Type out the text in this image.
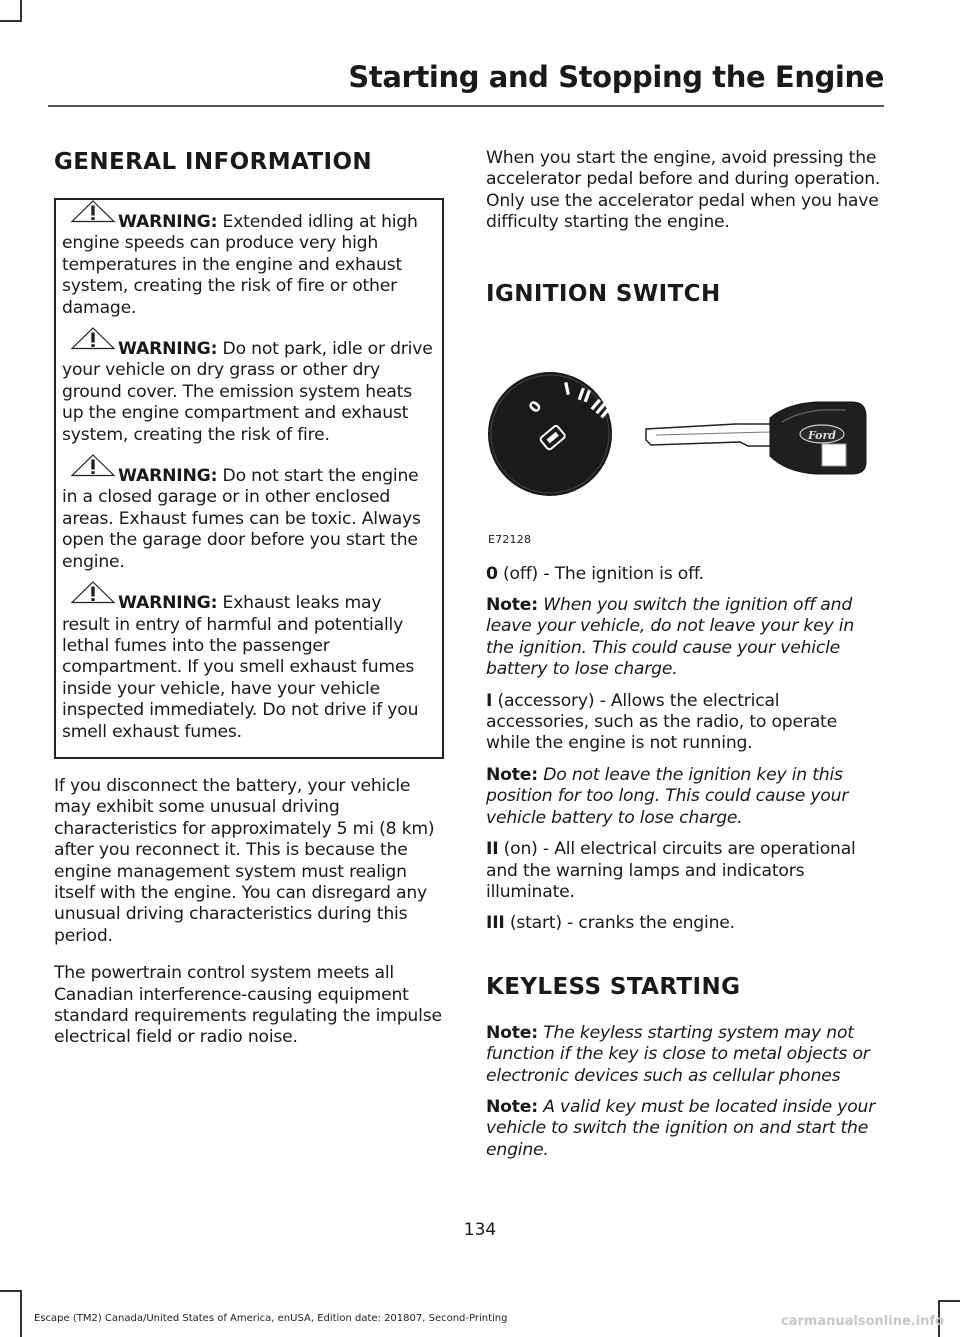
Starting and Stopping the Engine
GENERAL INFORMATION

WARNING: Extended idling at high engine speeds can produce very high temperatures in the engine and exhaust system, creating the risk of fire or other damage.

WARNING: Do not park, idle or drive your vehicle on dry grass or other dry ground cover. The emission system heats up the engine compartment and exhaust system, creating the risk of fire.

WARNING: Do not start the engine in a closed garage or in other enclosed areas. Exhaust fumes can be toxic. Always open the garage door before you start the engine.

WARNING: Exhaust leaks may result in entry of harmful and potentially lethal fumes into the passenger compartment. If you smell exhaust fumes inside your vehicle, have your vehicle inspected immediately. Do not drive if you smell exhaust fumes.

If you disconnect the battery, your vehicle may exhibit some unusual driving characteristics for approximately 5 mi (8 km) after you reconnect it. This is because the engine management system must realign itself with the engine. You can disregard any unusual driving characteristics during this period.

The powertrain control system meets all Canadian interference-causing equipment standard requirements regulating the impulse electrical field or radio noise.

When you start the engine, avoid pressing the accelerator pedal before and during operation. Only use the accelerator pedal when you have difficulty starting the engine.

IGNITION SWITCH
0
I II
III
Ford
E72128

0 (off) - The ignition is off.

Note: When you switch the ignition off and leave your vehicle, do not leave your key in the ignition. This could cause your vehicle battery to lose charge.

I (accessory) - Allows the electrical accessories, such as the radio, to operate while the engine is not running.

Note: Do not leave the ignition key in this position for too long. This could cause your vehicle battery to lose charge.

II (on) - All electrical circuits are operational and the warning lamps and indicators illuminate.

III (start) - cranks the engine.

KEYLESS STARTING

Note: The keyless starting system may not function if the key is close to metal objects or electronic devices such as cellular phones

Note: A valid key must be located inside your vehicle to switch the ignition on and start the engine.

134
Escape (TM2) Canada/United States of America, enUSA, Edition date: 201807, Second-Printing	carmanualsonline.info
